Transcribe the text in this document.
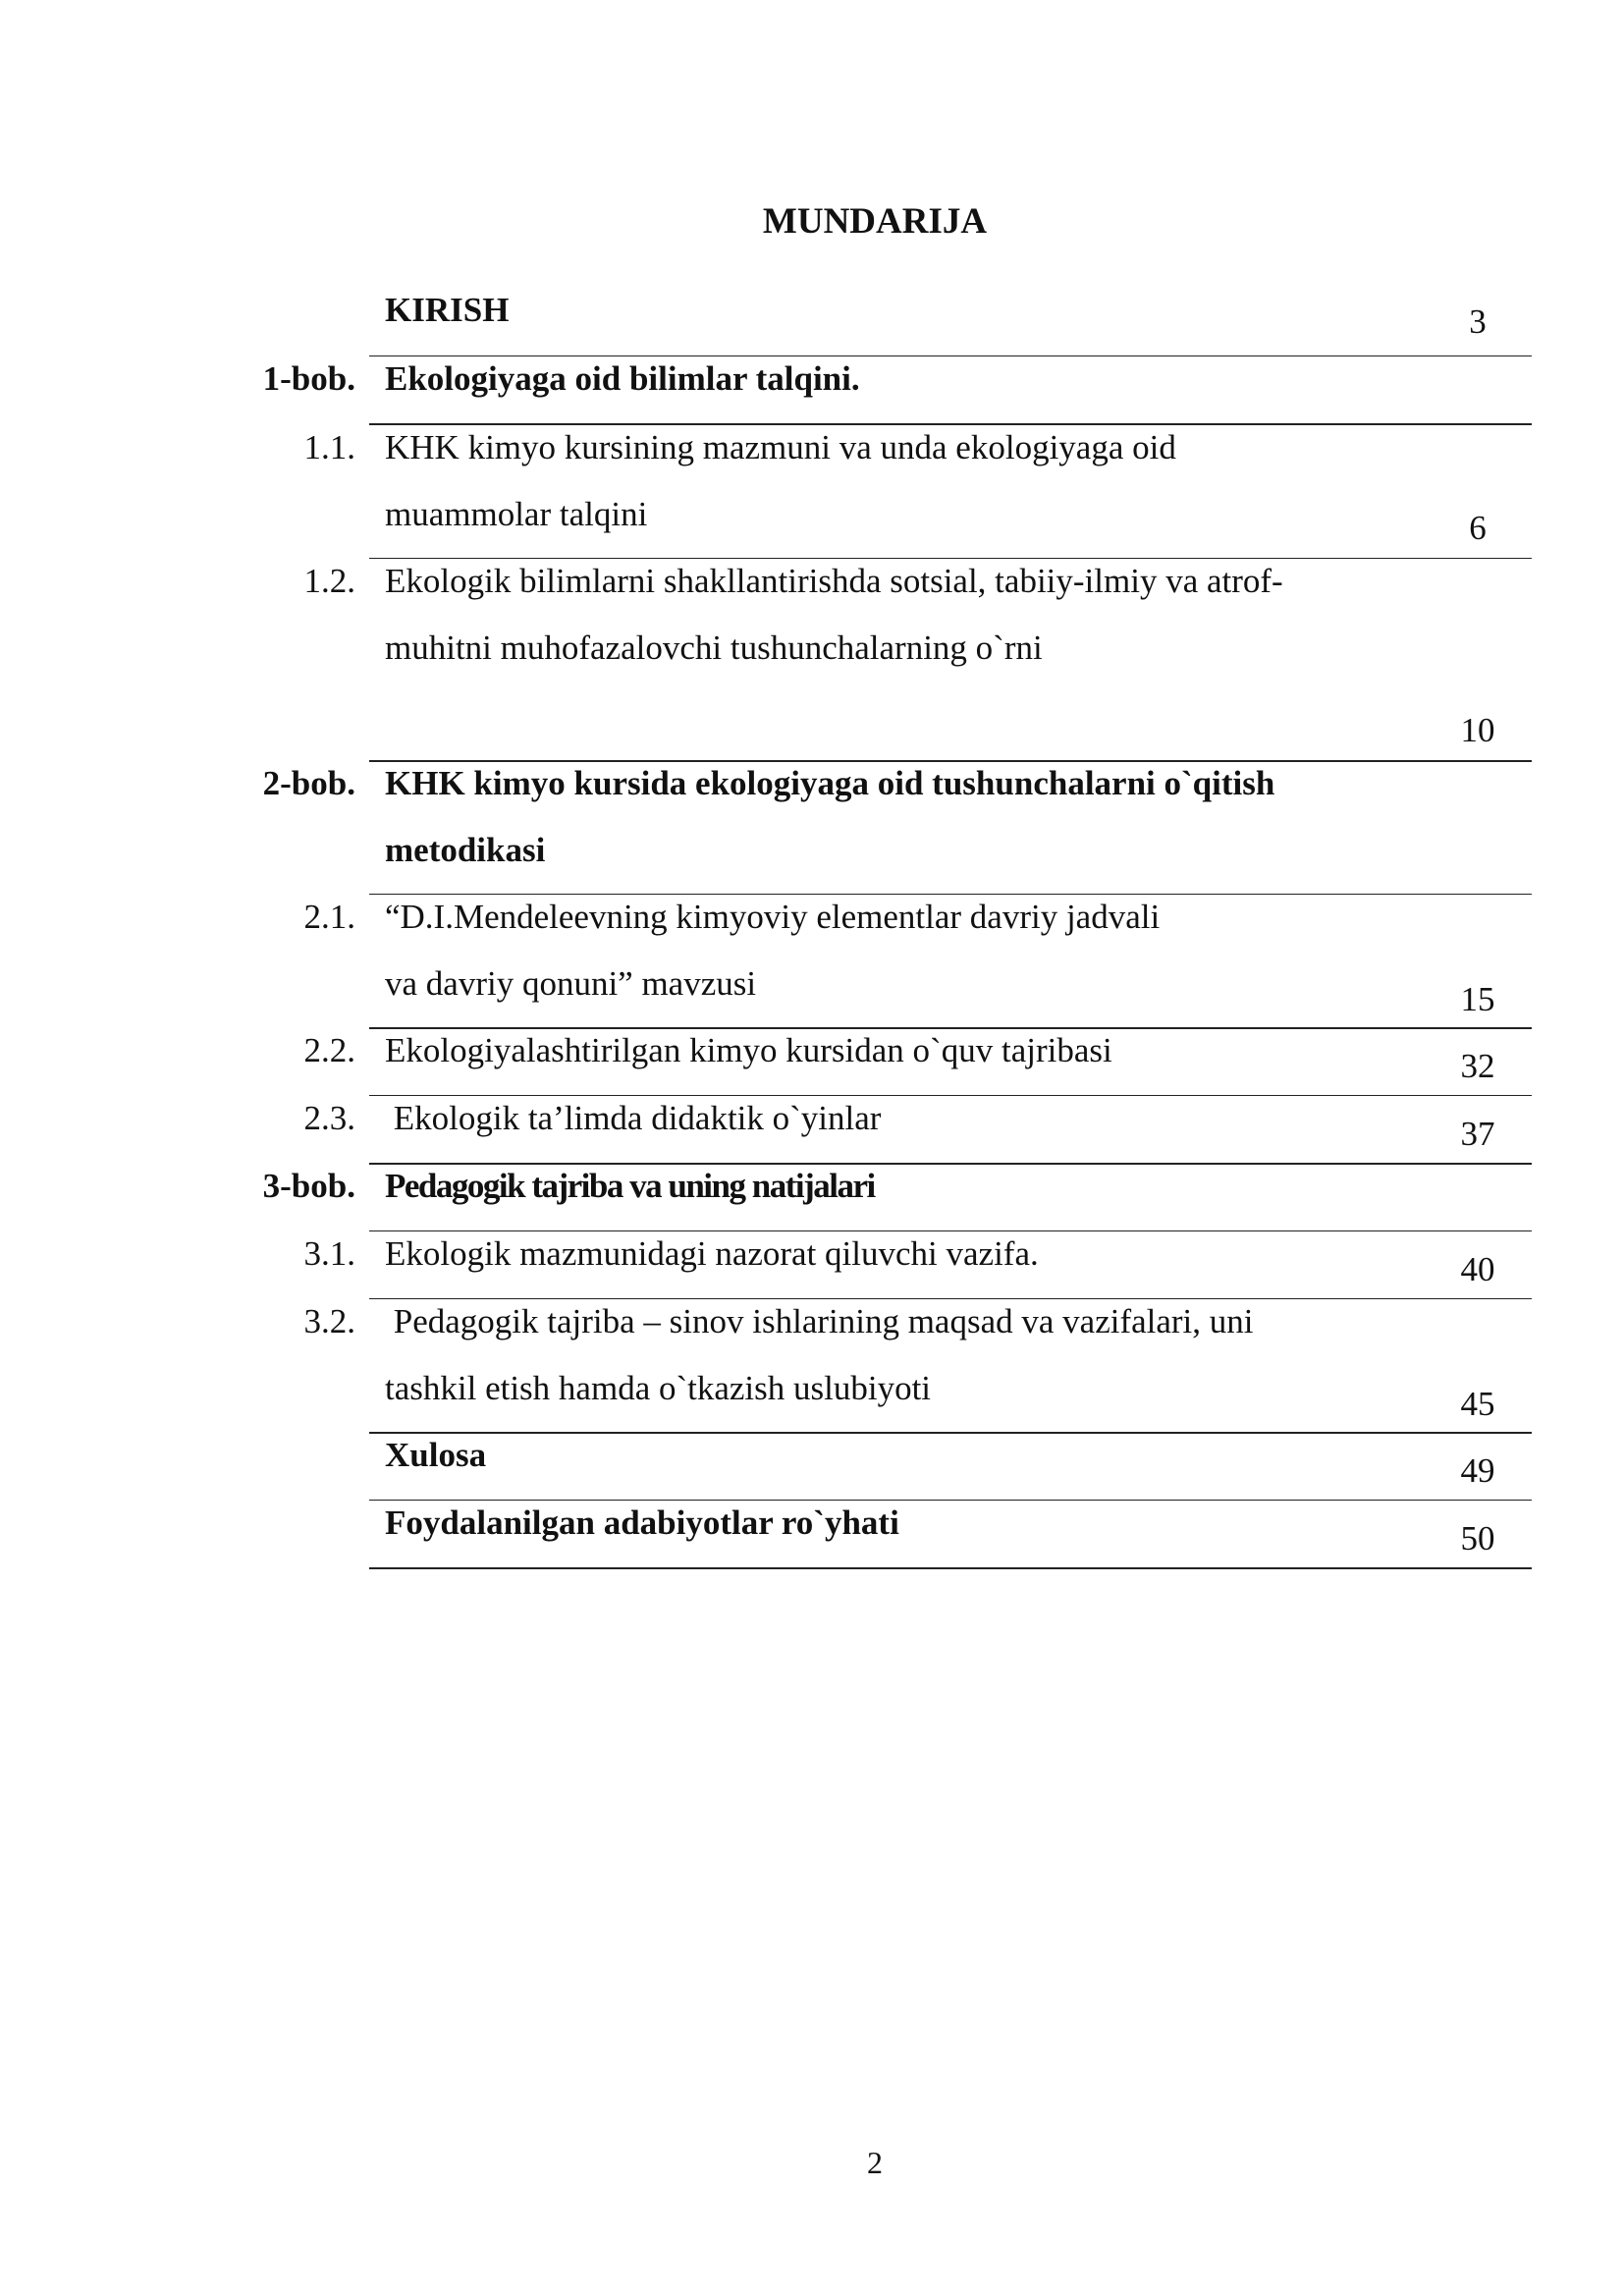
MUNDARIJA
KIRISH	3
1-bob. Ekologiyaga oid bilimlar talqini.
1.1. KHK kimyo kursining mazmuni va unda ekologiyaga oid
muammolar talqini	6
1.2. Ekologik bilimlarni shakllantirishda sotsial, tabiiy-ilmiy va atrof-
muhitni muhofazalovchi tushunchalarning o`rni
10
2-bob. KHK kimyo kursida ekologiyaga oid tushunchalarni o`qitish
metodikasi
2.1. “D.I.Mendeleevning kimyoviy elementlar davriy jadvali
va davriy qonuni” mavzusi	15
2.2. Ekologiyalashtirilgan kimyo kursidan o`quv tajribasi	32
2.3. Ekologik ta’limda didaktik o`yinlar	37
3-bob. Pedagogik tajriba va uning natijalari
3.1. Ekologik mazmunidagi nazorat qiluvchi vazifa.	40
3.2. Pedagogik tajriba – sinov ishlarining maqsad va vazifalari, uni
tashkil etish hamda o`tkazish uslubiyoti	45
Xulosa	49
Foydalanilgan adabiyotlar ro`yhati	50
2
